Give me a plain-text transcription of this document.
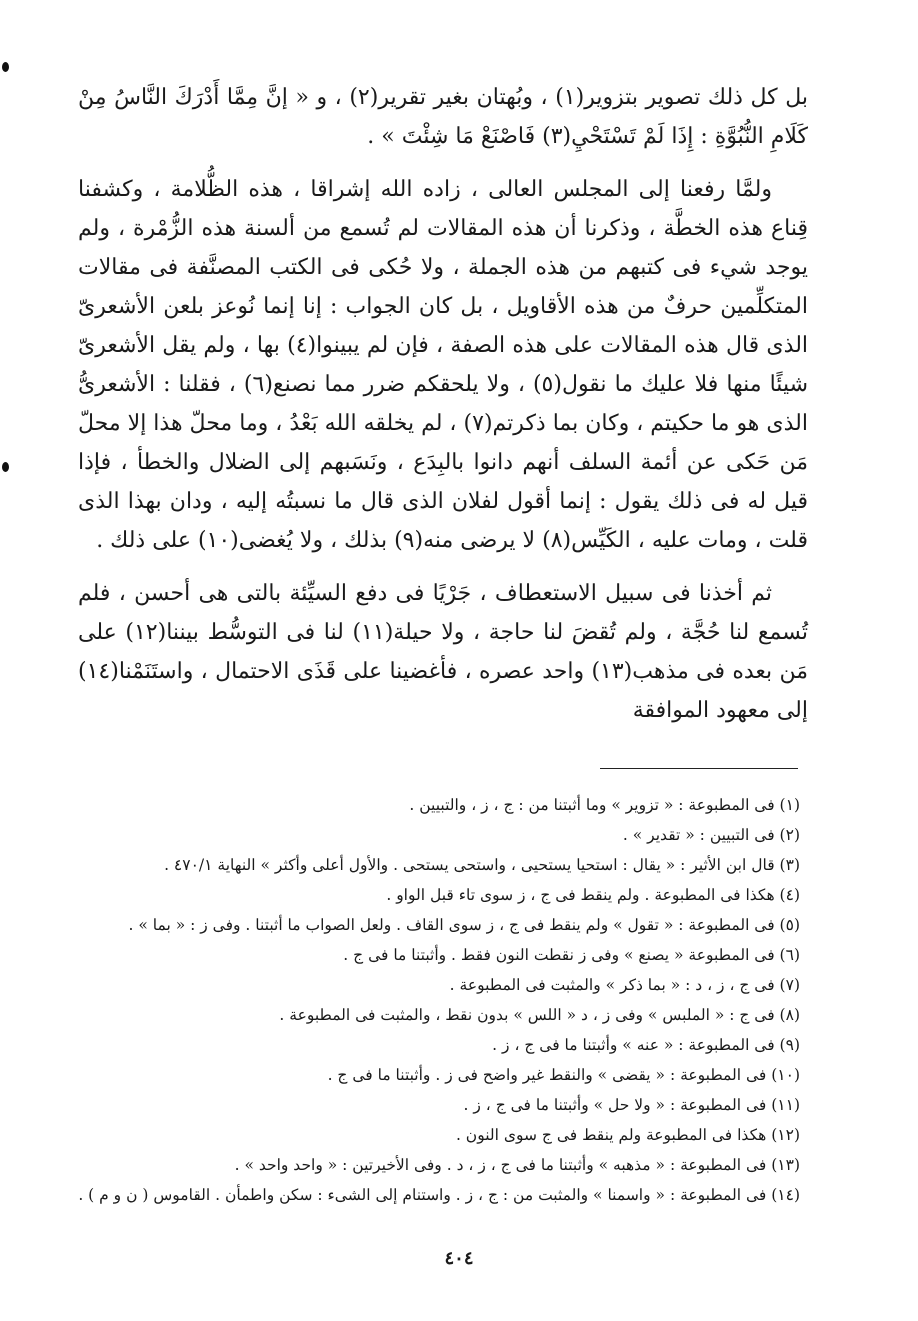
بل كل ذلك تصوير بتزوير(١) ، وبُهتان بغير تقرير(٢) ، و « إنَّ مِمَّا أَدْرَكَ النَّاسُ مِنْ كَلَامِ النُّبُوَّةِ : إِذَا لَمْ تَسْتَحْيِ(٣) فَاصْنَعْ مَا شِئْتَ » .

ولمَّا رفعنا إلى المجلس العالى ، زاده الله إشراقا ، هذه الظُّلامة ، وكشفنا قِناع هذه الخطَّة ، وذكرنا أن هذه المقالات لم تُسمع من ألسنة هذه الزُّمْرة ، ولم يوجد شيء فى كتبهم من هذه الجملة ، ولا حُكى فى الكتب المصنَّفة فى مقالات المتكلِّمين حرفٌ من هذه الأقاويل ، بل كان الجواب : إنا إنما نُوعز بلعن الأشعرىّ الذى قال هذه المقالات على هذه الصفة ، فإن لم يبينوا(٤) بها ، ولم يقل الأشعرىّ شيئًا منها فلا عليك ما نقول(٥) ، ولا يلحقكم ضرر مما نصنع(٦) ، فقلنا : الأشعرىُّ الذى هو ما حكيتم ، وكان بما ذكرتم(٧) ، لم يخلقه الله بَعْدُ ، وما محلّ هذا إلا محلّ مَن حَكى عن أئمة السلف أنهم دانوا بالبِدَع ، ونَسَبهم إلى الضلال والخطأ ، فإذا قيل له فى ذلك يقول : إنما أقول لفلان الذى قال ما نسبتُه إليه ، ودان بهذا الذى قلت ، ومات عليه ، الكَيِّس(٨) لا يرضى منه(٩) بذلك ، ولا يُغضى(١٠) على ذلك .

ثم أخذنا فى سبيل الاستعطاف ، جَرْيًا فى دفع السيِّئة بالتى هى أحسن ، فلم تُسمع لنا حُجَّة ، ولم تُقضَ لنا حاجة ، ولا حيلة(١١) لنا فى التوسُّط بيننا(١٢) على مَن بعده فى مذهب(١٣) واحد عصره ، فأغضينا على قَذَى الاحتمال ، واستَنَمْنا(١٤) إلى معهود الموافقة

(١) فى المطبوعة : « تزوير » وما أثبتنا من : ج ، ز ، والتبيين .
(٢) فى التبيين : « تقدير » .
(٣) قال ابن الأثير : « يقال : استحيا يستحيى ، واستحى يستحى . والأول أعلى وأكثر » النهاية ٤٧٠/١ .
(٤) هكذا فى المطبوعة . ولم ينقط فى ج ، ز سوى تاء قبل الواو .
(٥) فى المطبوعة : « تقول » ولم ينقط فى ج ، ز سوى القاف . ولعل الصواب ما أثبتنا . وفى ز : « بما » .
(٦) فى المطبوعة « يصنع » وفى ز نقطت النون فقط . وأثبتنا ما فى ج .
(٧) فى ج ، ز ، د : « بما ذكر » والمثبت فى المطبوعة .
(٨) فى ج : « الملبس » وفى ز ، د « اللس » بدون نقط ، والمثبت فى المطبوعة .
(٩) فى المطبوعة : « عنه » وأثبتنا ما فى ج ، ز .
(١٠) فى المطبوعة : « يقضى » والنقط غير واضح فى ز . وأثبتنا ما فى ج .
(١١) فى المطبوعة : « ولا حل » وأثبتنا ما فى ج ، ز .
(١٢) هكذا فى المطبوعة ولم ينقط فى ج سوى النون .
(١٣) فى المطبوعة : « مذهبه » وأثبتنا ما فى ج ، ز ، د . وفى الأخيرتين : « واحد واحد » .
(١٤) فى المطبوعة : « واسمنا » والمثبت من : ج ، ز . واستنام إلى الشىء : سكن واطمأن . القاموس ( ن و م ) .
٤٠٤
